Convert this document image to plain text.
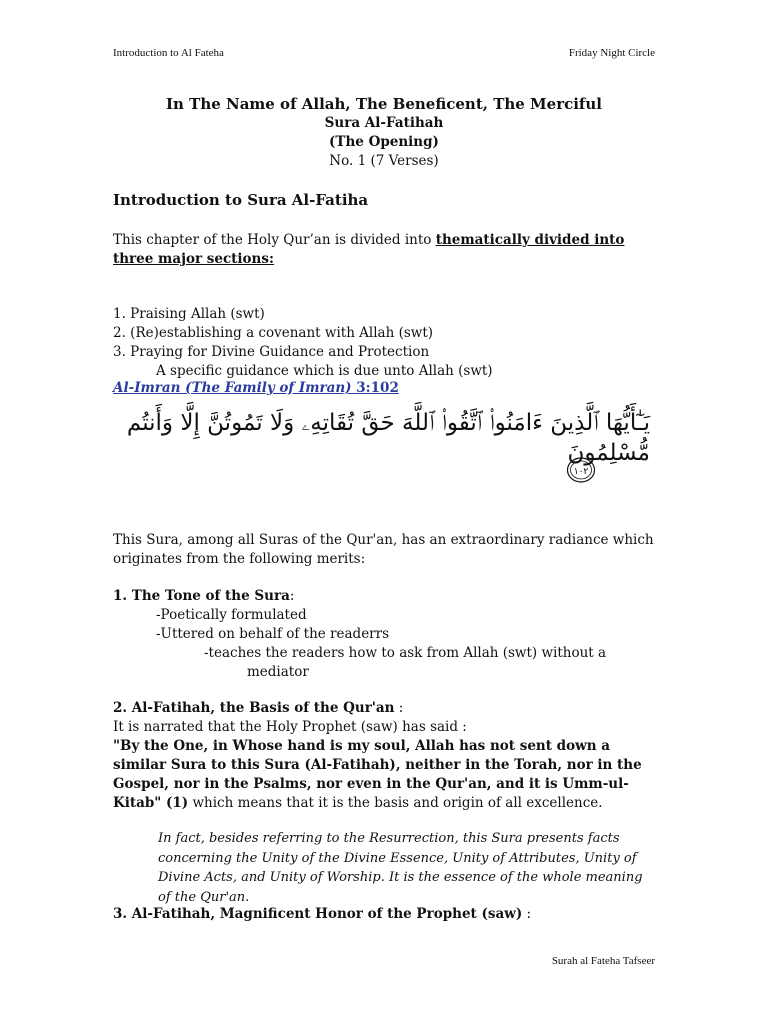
Introduction to Al Fateha	Friday Night Circle
In The Name of Allah, The Beneficent, The Merciful
Sura Al-Fatihah
(The Opening)
No. 1 (7 Verses)
Introduction to Sura Al-Fatiha
This chapter of the Holy Qur’an is divided into thematically divided into three major sections:
1. Praising Allah (swt)
2. (Re)establishing a covenant with Allah (swt)
3. Praying for Divine Guidance and Protection
A specific guidance which is due unto Allah (swt)
Al-Imran (The Family of Imran) 3:102
يَـٰٓأَيُّهَا ٱلَّذِينَ ءَامَنُوا۟ ٱتَّقُوا۟ ٱللَّهَ حَقَّ تُقَاتِهِۦ وَلَا تَمُوتُنَّ إِلَّا وَأَنتُم مُّسْلِمُونَ
١٠٢
This Sura, among all Suras of the Qur'an, has an extraordinary radiance which originates from the following merits:
1. The Tone of the Sura:
-Poetically formulated
-Uttered on behalf of the readerrs
-teaches the readers how to ask from Allah (swt) without a
mediator
2. Al-Fatihah, the Basis of the Qur'an :
It is narrated that the Holy Prophet (saw) has said :
"By the One, in Whose hand is my soul, Allah has not sent down a similar Sura to this Sura (Al-Fatihah), neither in the Torah, nor in the Gospel, nor in the Psalms, nor even in the Qur'an, and it is Umm-ul-Kitab" (1) which means that it is the basis and origin of all excellence.
In fact, besides referring to the Resurrection, this Sura presents facts concerning the Unity of the Divine Essence, Unity of Attributes, Unity of Divine Acts, and Unity of Worship. It is the essence of the whole meaning of the Qur'an.
3. Al-Fatihah, Magnificent Honor of the Prophet (saw) :
Surah al Fateha Tafseer
